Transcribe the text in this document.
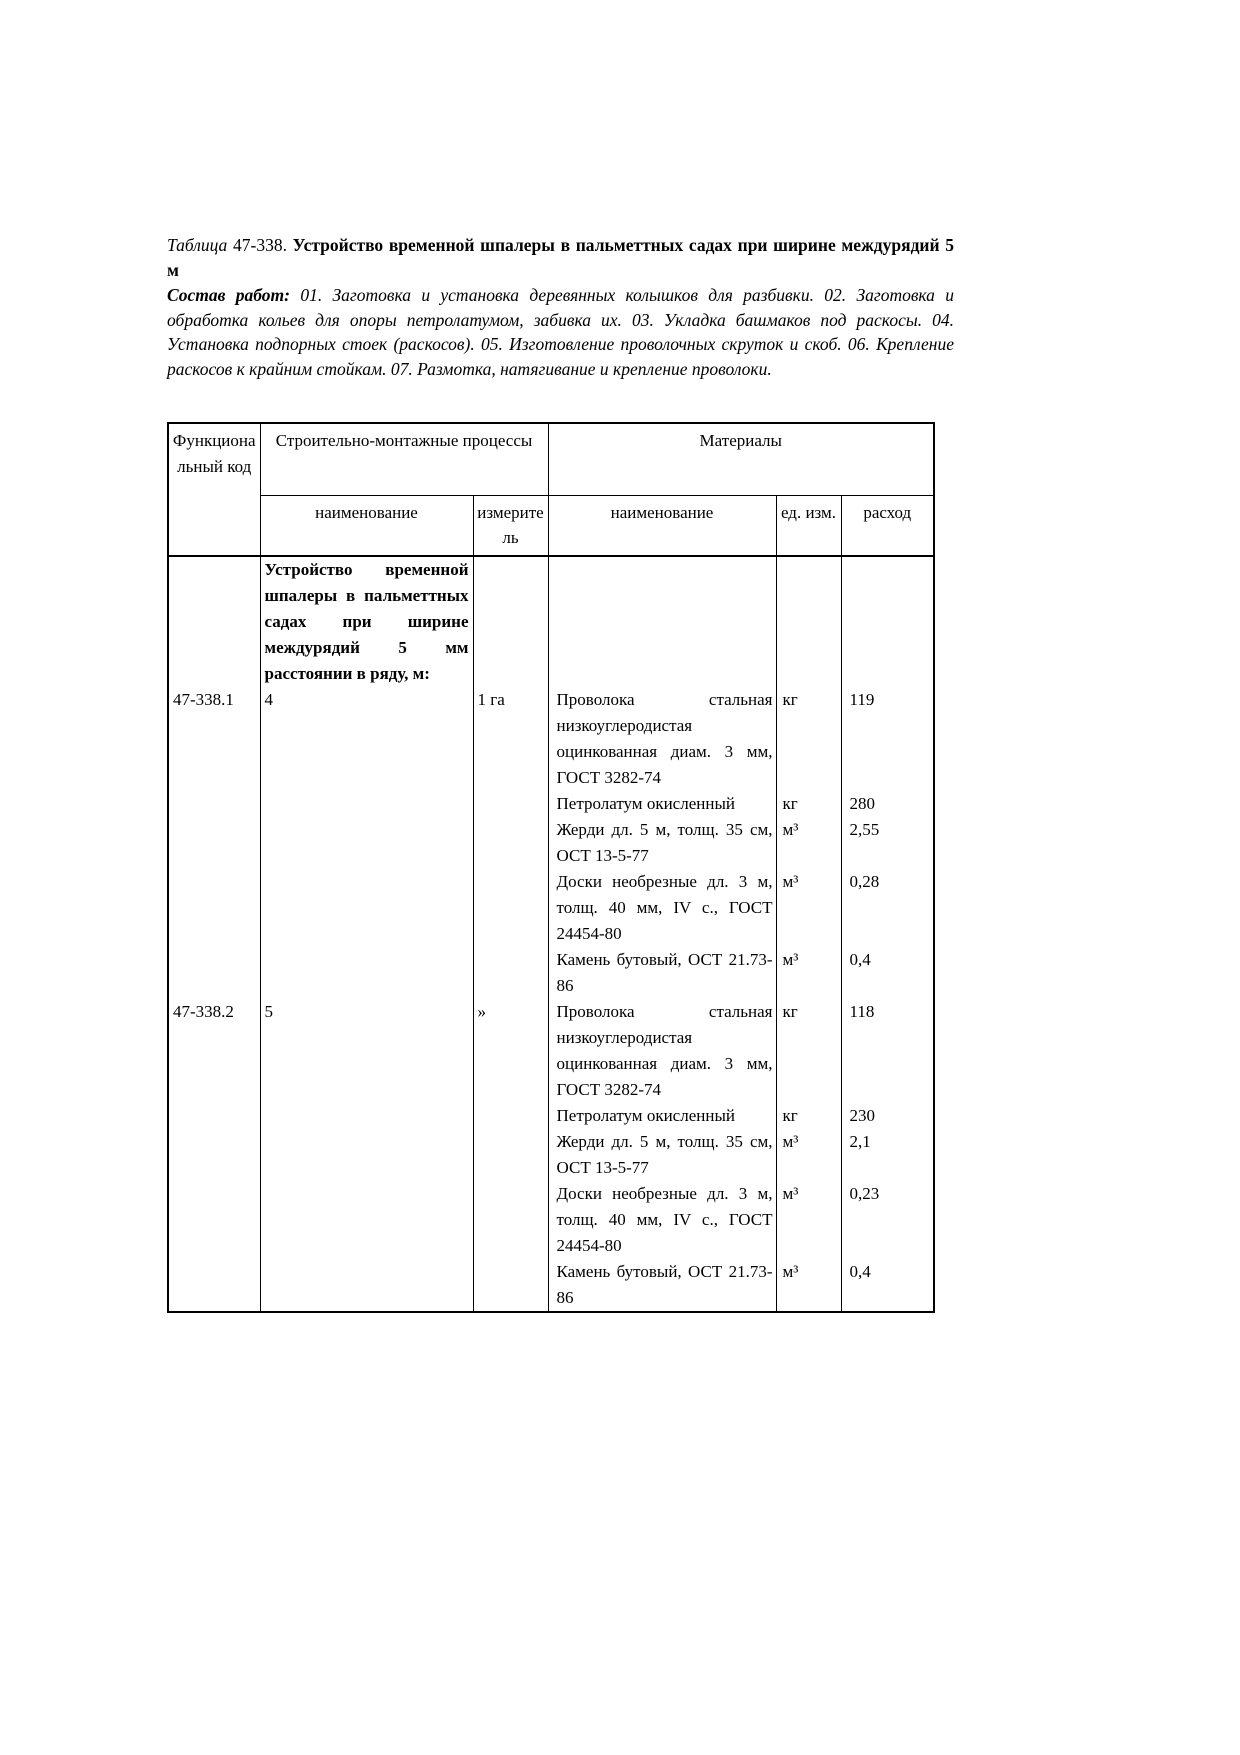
Таблица 47-338. Устройство временной шпалеры в пальметтных садах при ширине междурядий 5 м

Состав работ: 01. Заготовка и установка деревянных колышков для разбивки. 02. Заготовка и обработка кольев для опоры петролатумом, забивка их. 03. Укладка башмаков под раскосы. 04. Установка подпорных стоек (раскосов). 05. Изготовление проволочных скруток и скоб. 06. Крепление раскосов к крайним стойкам. 07. Размотка, натягивание и крепление проволоки.

Функциональный код	Строительно-монтажные процессы		Материалы		
	наименование	измеритель	наименование	ед. изм.	расход
	Устройство временной шпалеры в пальметтных садах при ширине междурядий 5 мм расстоянии в ряду, м:				
47-338.1	4	1 га	Проволока стальная низкоуглеродистая оцинкованная диам. 3 мм, ГОСТ 3282-74	кг	119
			Петролатум окисленный	кг	280
			Жерди дл. 5 м, толщ. 35 см, ОСТ 13-5-77	м³	2,55
			Доски необрезные дл. 3 м, толщ. 40 мм, IV с., ГОСТ 24454-80	м³	0,28
			Камень бутовый, ОСТ 21.73-86	м³	0,4
47-338.2	5	»	Проволока стальная низкоуглеродистая оцинкованная диам. 3 мм, ГОСТ 3282-74	кг	118
			Петролатум окисленный	кг	230
			Жерди дл. 5 м, толщ. 35 см, ОСТ 13-5-77	м³	2,1
			Доски необрезные дл. 3 м, толщ. 40 мм, IV с., ГОСТ 24454-80	м³	0,23
			Камень бутовый, ОСТ 21.73-86	м³	0,4
